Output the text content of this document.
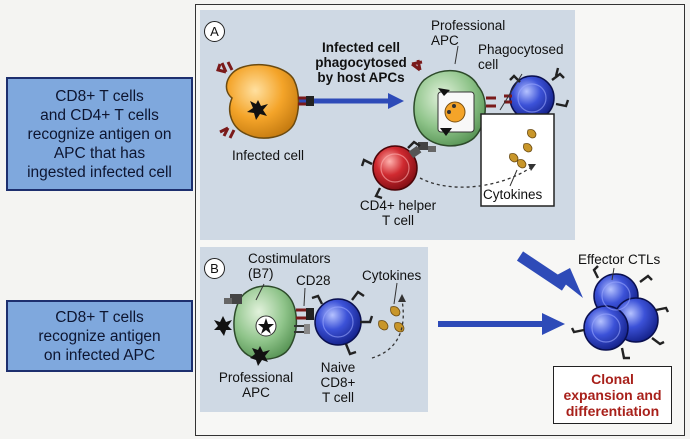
CD8+ T cells
and CD4+ T cells
recognize antigen on
APC that has
ingested infected cell
CD8+ T cells
recognize antigen
on infected APC
A
B
Infected cell
phagocytosed
by host APCs
Professional
APC
Phagocytosed
cell
Infected cell
Cytokines
CD4+ helper
T cell
Costimulators
(B7)	CD28 Cytokines
Professional
APC
Naive
CD8+
T cell
Effector CTLs
Clonal
expansion and
differentiation
